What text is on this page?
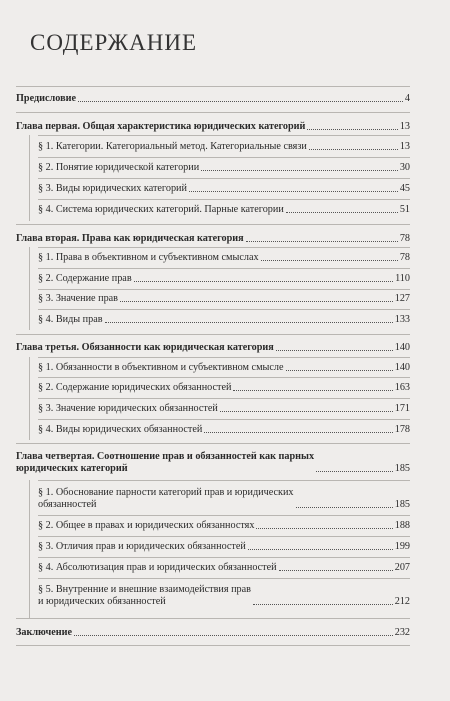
СОДЕРЖАНИЕ
Предисловие	4
Глава первая. Общая характеристика юридических категорий	13
§ 1. Категории. Категориальный метод. Категориальные связи	13
§ 2. Понятие юридической категории	30
§ 3. Виды юридических категорий	45
§ 4. Система юридических категорий. Парные категории	51
Глава вторая. Права как юридическая категория	78
§ 1. Права в объективном и субъективном смыслах	78
§ 2. Содержание прав	110
§ 3. Значение прав	127
§ 4. Виды прав	133
Глава третья. Обязанности как юридическая категория	140
§ 1. Обязанности в объективном и субъективном смысле	140
§ 2. Содержание юридических обязанностей	163
§ 3. Значение юридических обязанностей	171
§ 4. Виды юридических обязанностей	178
Глава четвертая. Соотношение прав и обязанностей как парных
юридических категорий	185
§ 1. Обоснование парности категорий прав и юридических
обязанностей	185
§ 2. Общее в правах и юридических обязанностях	188
§ 3. Отличия прав и юридических обязанностей	199
§ 4. Абсолютизация прав и юридических обязанностей	207
§ 5. Внутренние и внешние взаимодействия прав
и юридических обязанностей	212
Заключение	232
